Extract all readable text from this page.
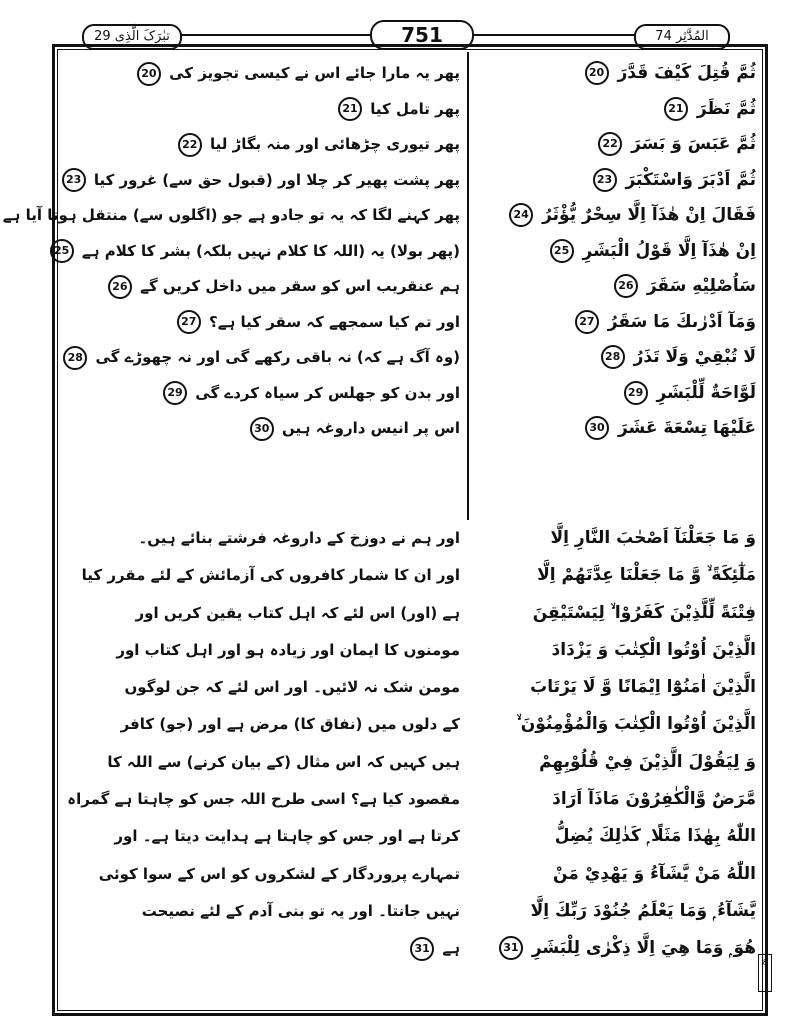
تبٰرَکَ الَّذِی 29	751	المُدَّثِر 74
ثُمَّ قُتِلَ كَيْفَ قَدَّرَ 20
ثُمَّ نَظَرَ 21
ثُمَّ عَبَسَ وَ بَسَرَ 22
ثُمَّ اَدْبَرَ وَاسْتَكْبَرَ 23
فَقَالَ اِنْ هٰذَآ اِلَّا سِحْرٌ يُّؤْثَرُ 24
اِنْ هٰذَآ اِلَّا قَوْلُ الْبَشَرِ 25
سَاُصْلِيْهِ سَقَرَ 26
وَمَآ اَدْرٰىكَ مَا سَقَرُ 27
لَا تُبْقِيْ وَلَا تَذَرُ 28
لَوَّاحَةٌ لِّلْبَشَرِ 29
عَلَيْهَا تِسْعَةَ عَشَرَ 30
پھر یہ مارا جائے اس نے کیسی تجویز کی 20
پھر تامل کیا 21
پھر تیوری چڑھائی اور منہ بگاڑ لیا 22
پھر پشت پھیر کر چلا اور (قبول حق سے) غرور کیا 23
پھر کہنے لگا کہ یہ تو جادو ہے جو (اگلوں سے) منتقل ہوتا آیا ہے
(پھر بولا) یہ (اللہ کا کلام نہیں بلکہ) بشر کا کلام ہے 25
ہم عنقریب اس کو سقر میں داخل کریں گے 26
اور تم کیا سمجھے کہ سقر کیا ہے؟ 27
(وہ آگ ہے کہ) نہ باقی رکھے گی اور نہ چھوڑے گی 28
اور بدن کو جھلس کر سیاہ کردے گی 29
اس پر انیس داروغہ ہیں 30
وَ مَا جَعَلْنَآ اَصْحٰبَ النَّارِ اِلَّا
مَلٰٓئِكَةً ۙ وَّ مَا جَعَلْنَا عِدَّتَهُمْ اِلَّا
فِتْنَةً لِّلَّذِيْنَ كَفَرُوْا ۙ لِيَسْتَيْقِنَ
الَّذِيْنَ اُوْتُوا الْكِتٰبَ وَ يَزْدَادَ
الَّذِيْنَ اٰمَنُوْٓا اِيْمَانًا وَّ لَا يَرْتَابَ
الَّذِيْنَ اُوْتُوا الْكِتٰبَ وَالْمُؤْمِنُوْنَ ۙ
وَ لِيَقُوْلَ الَّذِيْنَ فِيْ قُلُوْبِهِمْ
مَّرَضٌ وَّالْكٰفِرُوْنَ مَاذَآ اَرَادَ
اللّٰهُ بِهٰذَا مَثَلًا ۭ كَذٰلِكَ يُضِلُّ
اللّٰهُ مَنْ يَّشَآءُ وَ يَهْدِيْ مَنْ
يَّشَآءُ ۭ وَمَا يَعْلَمُ جُنُوْدَ رَبِّكَ اِلَّا
هُوَ ۭ وَمَا هِيَ اِلَّا ذِكْرٰى لِلْبَشَرِ 31
اور ہم نے دوزخ کے داروغہ فرشتے بنائے ہیں۔
اور ان کا شمار کافروں کی آزمائش کے لئے مقرر کیا
ہے (اور) اس لئے کہ اہل کتاب یقین کریں اور
مومنوں کا ایمان اور زیادہ ہو اور اہل کتاب اور
مومن شک نہ لائیں۔ اور اس لئے کہ جن لوگوں
کے دلوں میں (نفاق کا) مرض ہے اور (جو) کافر
ہیں کہیں کہ اس مثال (کے بیان کرنے) سے اللہ کا
مقصود کیا ہے؟ اسی طرح اللہ جس کو چاہتا ہے گمراہ
کرتا ہے اور جس کو چاہتا ہے ہدایت دیتا ہے۔ اور
تمہارے پروردگار کے لشکروں کو اس کے سوا کوئی
نہیں جانتا۔ اور یہ تو بنی آدم کے لئے نصیحت
ہے 31
ع
